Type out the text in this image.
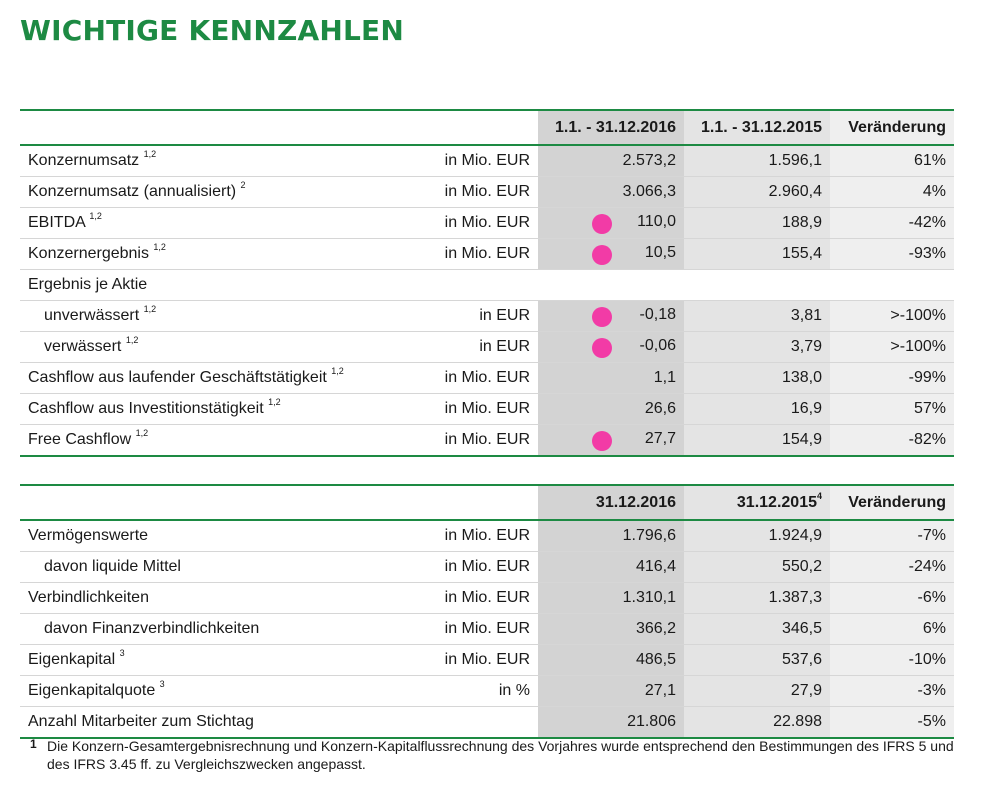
WICHTIGE KENNZAHLEN
		1.1. - 31.12.2016	1.1. - 31.12.2015	Veränderung
Konzernumsatz $^{1,2}$	in Mio. EUR	2.573,2	1.596,1	61%
Konzernumsatz (annualisiert) $^2$	in Mio. EUR	3.066,3	2.960,4	4%
EBITDA $^{1,2}$	in Mio. EUR	110,0	188,9	-42%
Konzernergebnis $^{1,2}$	in Mio. EUR	10,5	155,4	-93%
Ergebnis je Aktie				
unverwässert $^{1,2}$	in EUR	-0,18	3,81	>-100%
verwässert $^{1,2}$	in EUR	-0,06	3,79	>-100%
Cashflow aus laufender Geschäftstätigkeit $^{1,2}$	in Mio. EUR	1,1	138,0	-99%
Cashflow aus Investitionstätigkeit $^{1,2}$	in Mio. EUR	26,6	16,9	57%
Free Cashflow $^{1,2}$	in Mio. EUR	27,7	154,9	-82%
		31.12.2016	31.12.2015$^4$	Veränderung
Vermögenswerte	in Mio. EUR	1.796,6	1.924,9	-7%
davon liquide Mittel	in Mio. EUR	416,4	550,2	-24%
Verbindlichkeiten	in Mio. EUR	1.310,1	1.387,3	-6%
davon Finanzverbindlichkeiten	in Mio. EUR	366,2	346,5	6%
Eigenkapital $^3$	in Mio. EUR	486,5	537,6	-10%
Eigenkapitalquote $^3$	in %	27,1	27,9	-3%
Anzahl Mitarbeiter zum Stichtag		21.806	22.898	-5%
1 Die Konzern-Gesamtergebnisrechnung und Konzern-Kapitalflussrechnung des Vorjahres wurde entsprechend den Bestimmungen des IFRS 5 und des IFRS 3.45 ff. zu Vergleichszwecken angepasst.
